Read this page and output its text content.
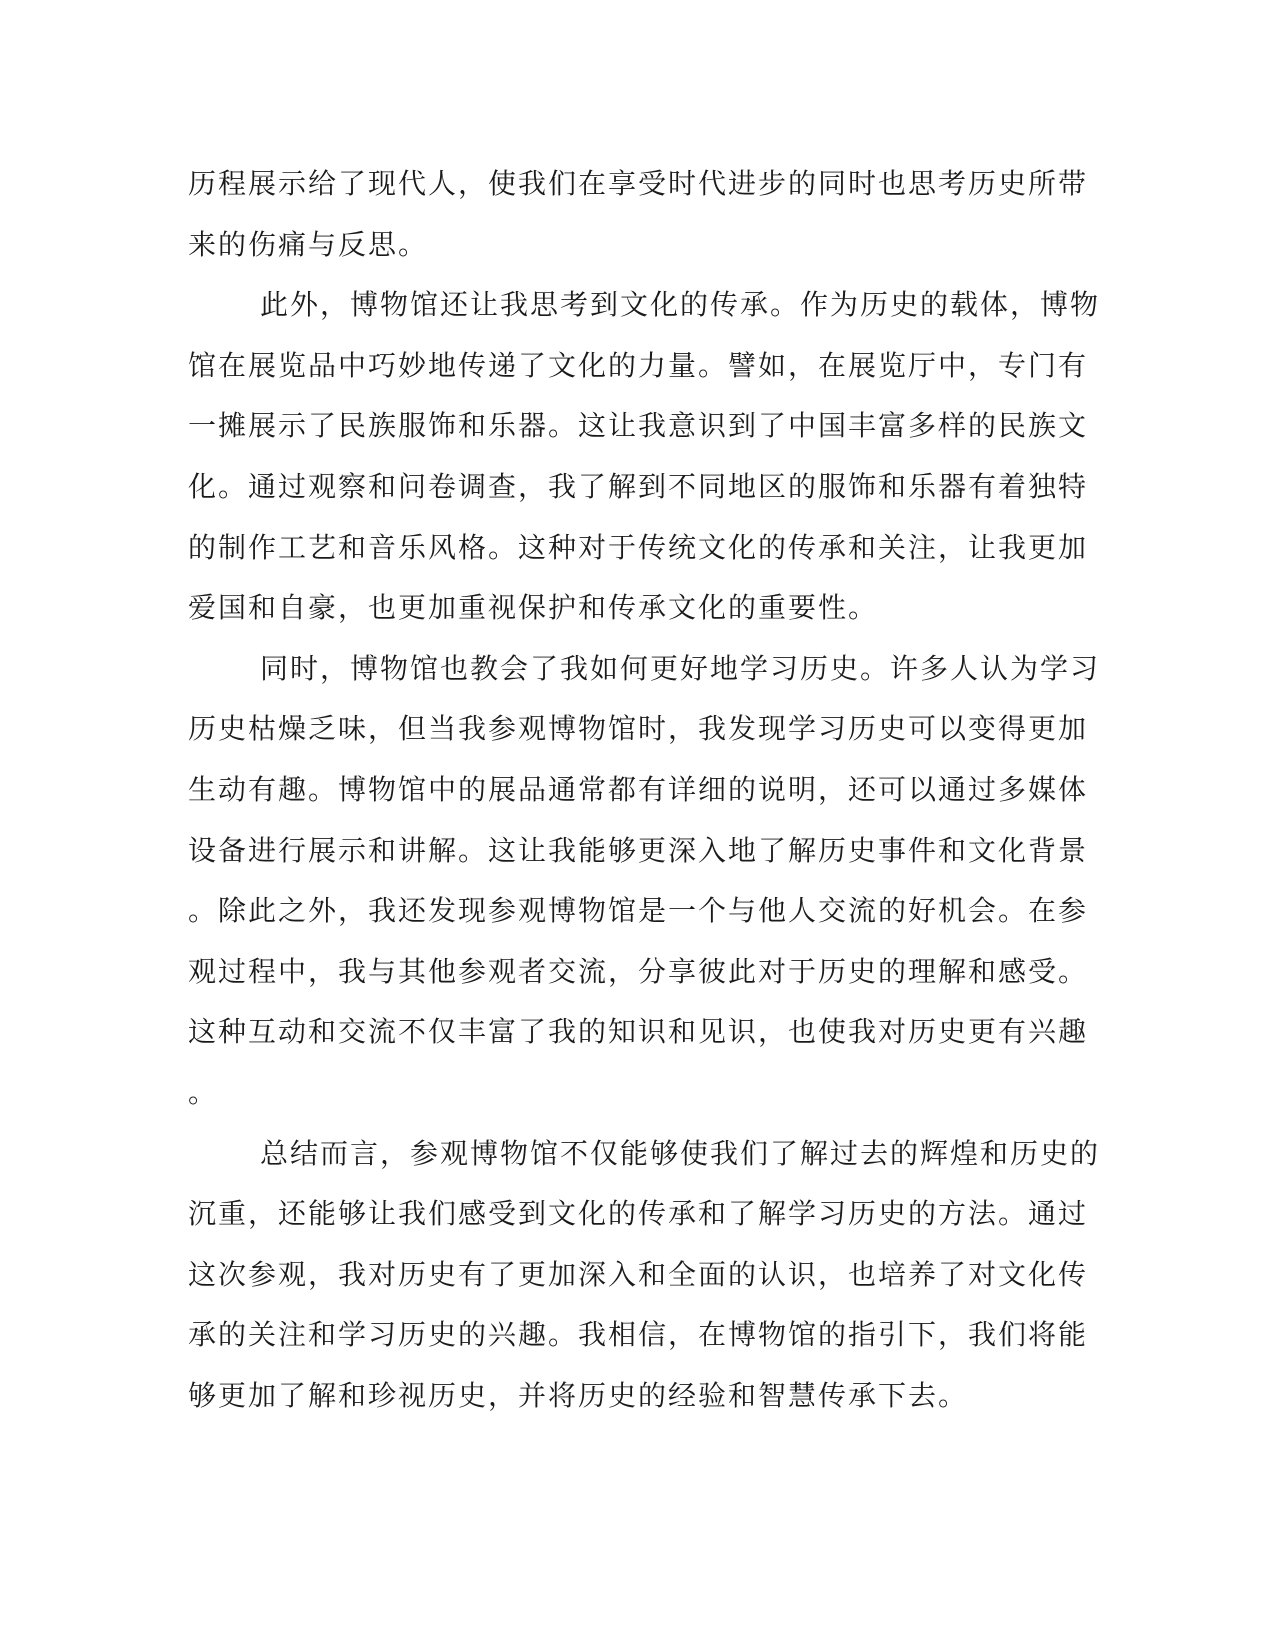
历程展示给了现代人，使我们在享受时代进步的同时也思考历史所带
来的伤痛与反思。
此外，博物馆还让我思考到文化的传承。作为历史的载体，博物
馆在展览品中巧妙地传递了文化的力量。譬如，在展览厅中，专门有
一摊展示了民族服饰和乐器。这让我意识到了中国丰富多样的民族文
化。通过观察和问卷调查，我了解到不同地区的服饰和乐器有着独特
的制作工艺和音乐风格。这种对于传统文化的传承和关注，让我更加
爱国和自豪，也更加重视保护和传承文化的重要性。
同时，博物馆也教会了我如何更好地学习历史。许多人认为学习
历史枯燥乏味，但当我参观博物馆时，我发现学习历史可以变得更加
生动有趣。博物馆中的展品通常都有详细的说明，还可以通过多媒体
设备进行展示和讲解。这让我能够更深入地了解历史事件和文化背景
。除此之外，我还发现参观博物馆是一个与他人交流的好机会。在参
观过程中，我与其他参观者交流，分享彼此对于历史的理解和感受。
这种互动和交流不仅丰富了我的知识和见识，也使我对历史更有兴趣
。
总结而言，参观博物馆不仅能够使我们了解过去的辉煌和历史的
沉重，还能够让我们感受到文化的传承和了解学习历史的方法。通过
这次参观，我对历史有了更加深入和全面的认识，也培养了对文化传
承的关注和学习历史的兴趣。我相信，在博物馆的指引下，我们将能
够更加了解和珍视历史，并将历史的经验和智慧传承下去。
